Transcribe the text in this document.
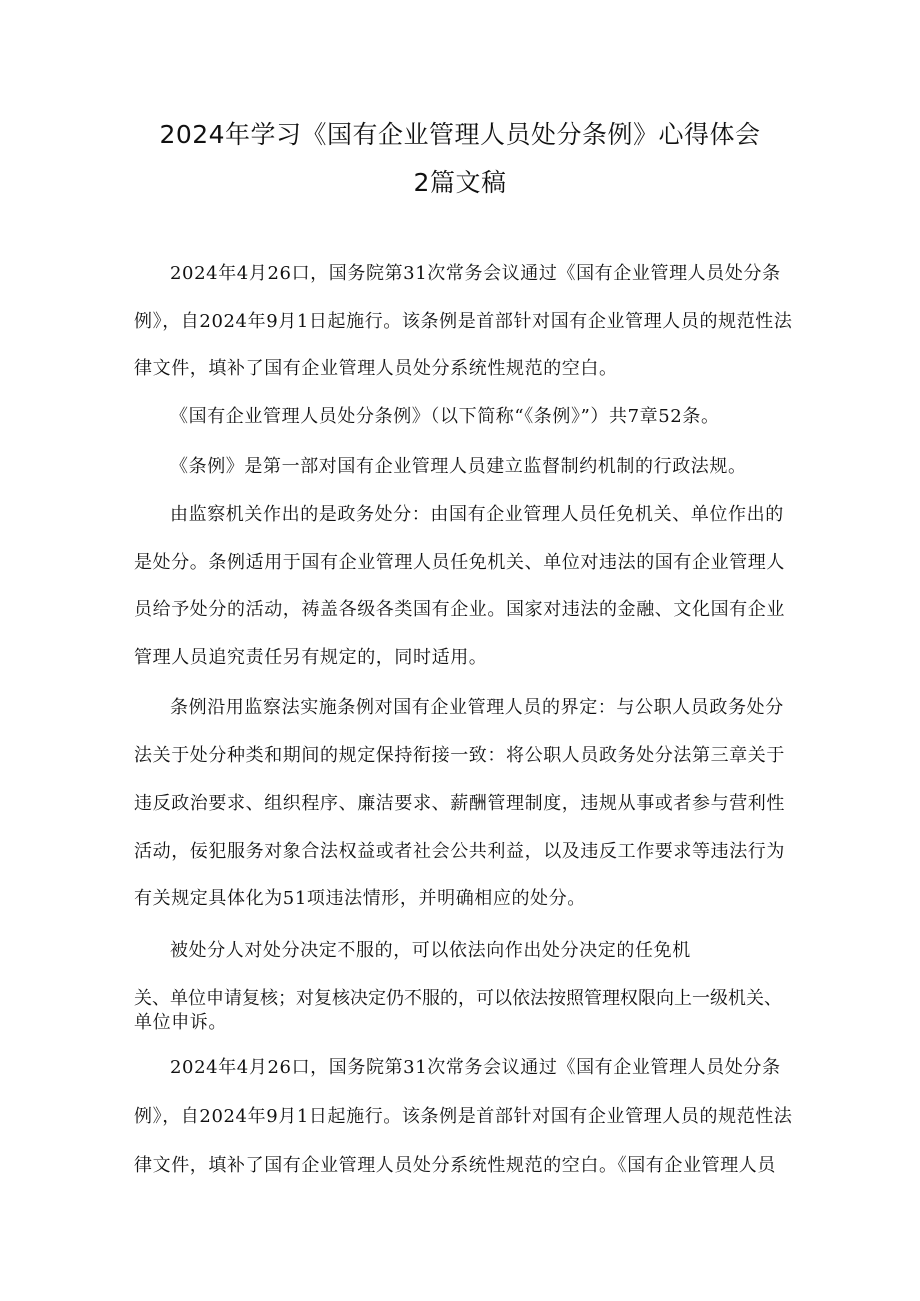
2024年学习《国有企业管理人员处分条例》心得体会
2篇文稿
2024年4月26口，国务院第31次常务会议通过《国有企业管理人员处分条
例》，自2024年9月1日起施行。该条例是首部针对国有企业管理人员的规范性法
律文件，填补了国有企业管理人员处分系统性规范的空白。
《国有企业管理人员处分条例》（以下简称“《条例》”）共7章52条。
《条例》是第一部对国有企业管理人员建立监督制约机制的行政法规。
由监察机关作出的是政务处分：由国有企业管理人员任免机关、单位作出的
是处分。条例适用于国有企业管理人员任免机关、单位对违法的国有企业管理人
员给予处分的活动，祷盖各级各类国有企业。国家对违法的金融、文化国有企业
管理人员追究责任另有规定的，同时适用。
条例沿用监察法实施条例对国有企业管理人员的界定：与公职人员政务处分
法关于处分种类和期间的规定保持衔接一致：将公职人员政务处分法第三章关于
违反政治要求、组织程序、廉洁要求、薪酬管理制度，违规从事或者参与营利性
活动，佞犯服务对象合法权益或者社会公共利益，以及违反工作要求等违法行为
有关规定具体化为51项违法情形，并明确相应的处分。
被处分人对处分决定不服的，可以依法向作出处分决定的任免机
关、单位申请复核；对复核决定仍不服的，可以依法按照管理权限向上一级机关、
单位申诉。
2024年4月26口，国务院第31次常务会议通过《国有企业管理人员处分条
例》，自2024年9月1日起施行。该条例是首部针对国有企业管理人员的规范性法
律文件，填补了国有企业管理人员处分系统性规范的空白。《国有企业管理人员
